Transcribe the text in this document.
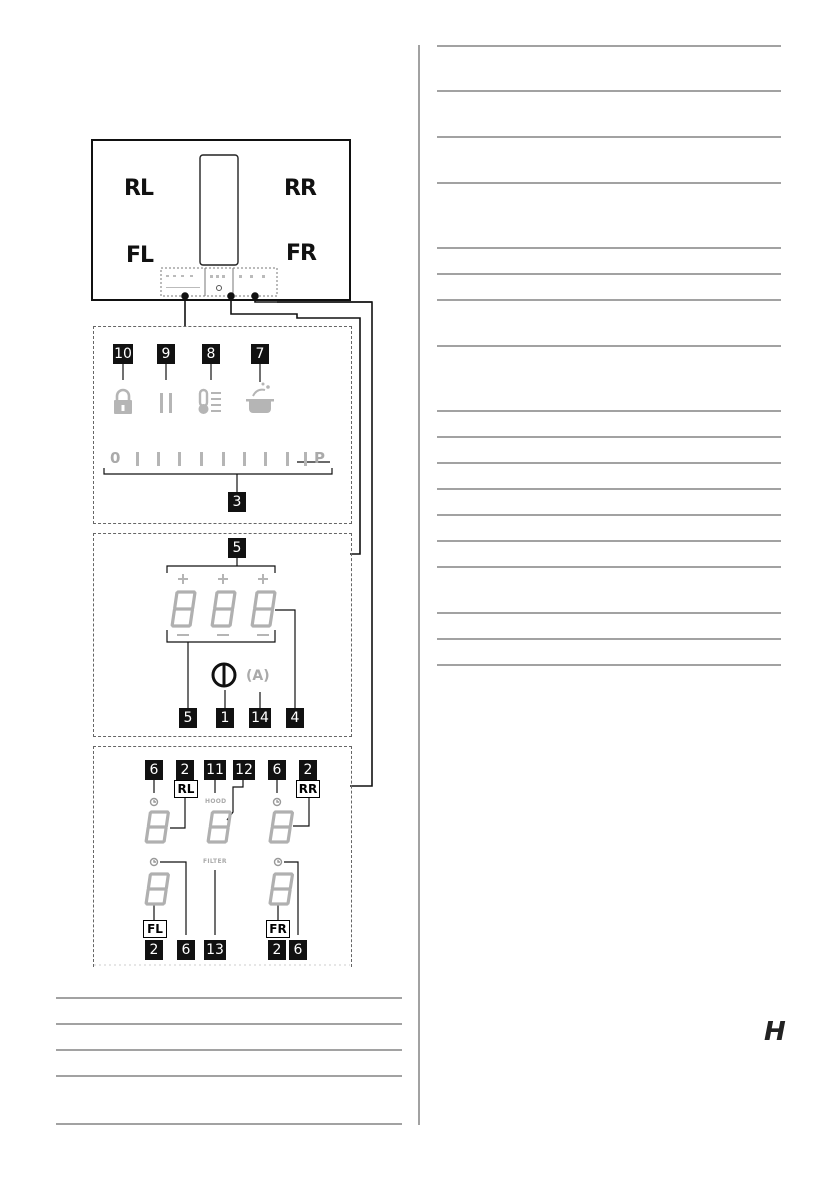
RL	RR
FL	FR
10	9	8	7
3
0	P
5
5	1	14	4
(A)
6	2	11 12	6	2
RL	RR
HOOD
FILTER
FL	FR
2	6	13	2 6
H
